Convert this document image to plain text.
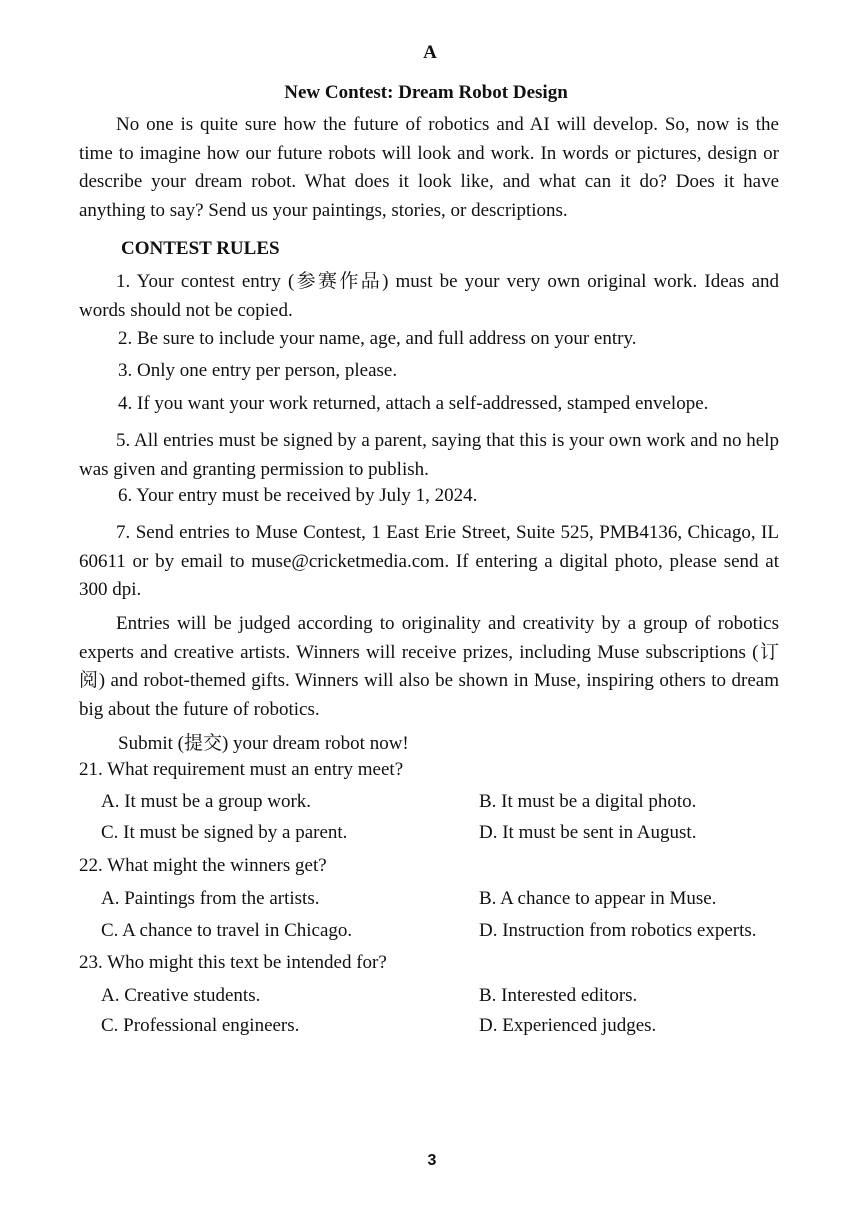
A
New Contest: Dream Robot Design
No one is quite sure how the future of robotics and AI will develop. So, now is the time to imagine how our future robots will look and work. In words or pictures, design or describe your dream robot. What does it look like, and what can it do? Does it have anything to say? Send us your paintings, stories, or descriptions.
CONTEST RULES
1. Your contest entry (参赛作品) must be your very own original work. Ideas and words should not be copied.
2. Be sure to include your name, age, and full address on your entry.
3. Only one entry per person, please.
4. If you want your work returned, attach a self-addressed, stamped envelope.
5. All entries must be signed by a parent, saying that this is your own work and no help was given and granting permission to publish.
6. Your entry must be received by July 1, 2024.
7. Send entries to Muse Contest, 1 East Erie Street, Suite 525, PMB4136, Chicago, IL 60611 or by email to muse@cricketmedia.com. If entering a digital photo, please send at 300 dpi.
Entries will be judged according to originality and creativity by a group of robotics experts and creative artists. Winners will receive prizes, including Muse subscriptions (订阅) and robot-themed gifts. Winners will also be shown in Muse, inspiring others to dream big about the future of robotics.
Submit (提交) your dream robot now!
21. What requirement must an entry meet?
A. It must be a group work.	B. It must be a digital photo.
C. It must be signed by a parent.	D. It must be sent in August.
22. What might the winners get?
A. Paintings from the artists.	B. A chance to appear in Muse.
C. A chance to travel in Chicago.	D. Instruction from robotics experts.
23. Who might this text be intended for?
A. Creative students.	B. Interested editors.
C. Professional engineers.	D. Experienced judges.
3
